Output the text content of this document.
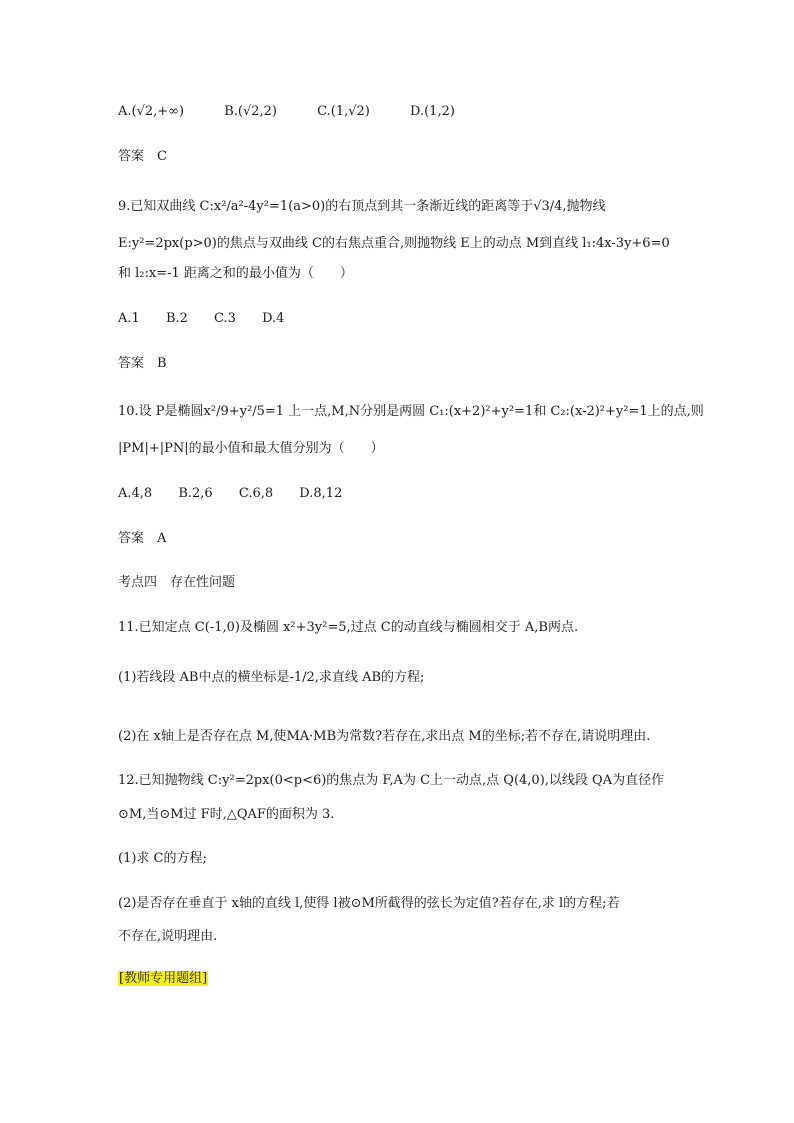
A.(√2,+∞)	B.(√2,2)	C.(1,√2)	D.(1,2)
答案　C
9.已知双曲线 C:x²/a²-4y²=1(a>0)的右顶点到其一条渐近线的距离等于√3/4,抛物线
E:y²=2px(p>0)的焦点与双曲线 C的右焦点重合,则抛物线 E上的动点 M到直线 l₁:4x-3y+6=0
和 l₂:x=-1 距离之和的最小值为（　　）
A.1 B.2 C.3 D.4
答案　B
10.设 P是椭圆x²/9+y²/5=1 上一点,M,N分别是两圆 C₁:(x+2)²+y²=1和 C₂:(x-2)²+y²=1上的点,则
|PM|+|PN|的最小值和最大值分别为（　　）
A.4,8 B.2,6 C.6,8 D.8,12
答案　A
考点四　存在性问题
11.已知定点 C(-1,0)及椭圆 x²+3y²=5,过点 C的动直线与椭圆相交于 A,B两点.
(1)若线段 AB中点的横坐标是-1/2,求直线 AB的方程;
(2)在 x轴上是否存在点 M,使MA·MB为常数?若存在,求出点 M的坐标;若不存在,请说明理由.
12.已知抛物线 C:y²=2px(0<p<6)的焦点为 F,A为 C上一动点,点 Q(4,0),以线段 QA为直径作
⊙M,当⊙M过 F时,△QAF的面积为 3.
(1)求 C的方程;
(2)是否存在垂直于 x轴的直线 l,使得 l被⊙M所截得的弦长为定值?若存在,求 l的方程;若
不存在,说明理由.
[教师专用题组]
